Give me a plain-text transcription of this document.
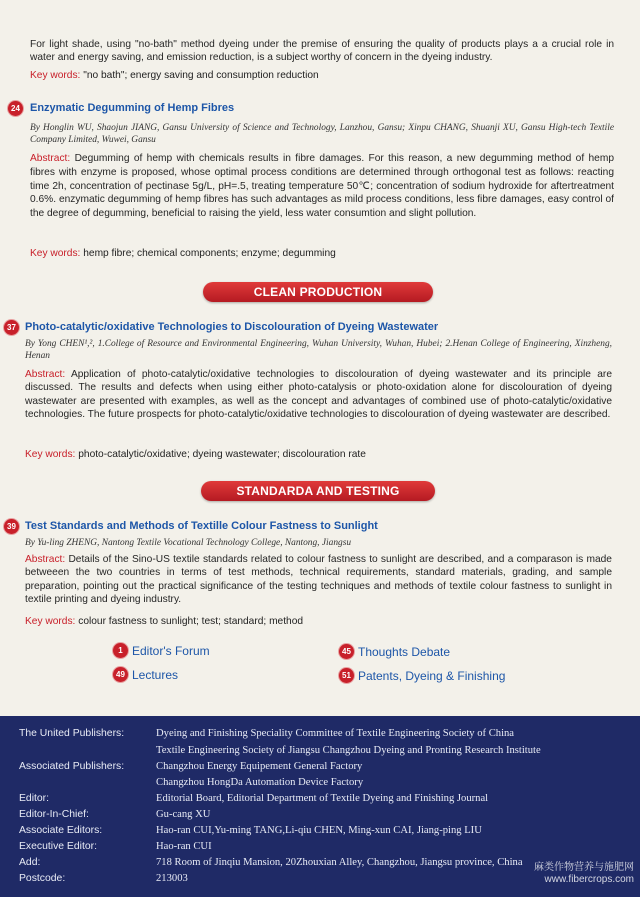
For light shade, using "no-bath" method dyeing under the premise of ensuring the quality of products plays a a crucial role in water and energy saving, and emission reduction, is a subject worthy of concern in the dyeing industry.
Key words: "no bath"; energy saving and consumption reduction
24 Enzymatic Degumming of Hemp Fibres
By Honglin WU, Shaojun JIANG, Gansu University of Science and Technology, Lanzhou, Gansu; Xinpu CHANG, Shuanji XU, Gansu High-tech Textile Company Limited, Wuwei, Gansu
Abstract: Degumming of hemp with chemicals results in fibre damages. For this reason, a new degumming method of hemp fibres with enzyme is proposed, whose optimal process conditions are determined through orthogonal test as follows: reacting time 2h, concentration of pectinase 5g/L, pH=.5, treating temperature 50℃; concentration of sodium hydroxide for aftertreatment 0.6%. enzymatic degumming of hemp fibres has such advantages as mild process conditions, less fibre damages, easy control of the degree of degumming, beneficial to raising the yield, less water consumtion and slight pollution.
Key words: hemp fibre; chemical components; enzyme; degumming
CLEAN PRODUCTION
37 Photo-catalytic/oxidative Technologies to Discolouration of Dyeing Wastewater
By Yong CHEN¹,², 1.College of Resource and Environmental Engineering, Wuhan University, Wuhan, Hubei; 2.Henan College of Engineering, Xinzheng, Henan
Abstract: Application of photo-catalytic/oxidative technologies to discolouration of dyeing wastewater and its principle are discussed. The results and defects when using either photo-catalysis or photo-oxidation alone for discolouration of dyeing wastewater are presented with examples, as well as the concept and advantages of combined use of photo-catalytic/oxidative technologies. The future prospects for photo-catalytic/oxidative technologies to discolouration of dyeing wastewater are described.
Key words: photo-catalytic/oxidative; dyeing wastewater; discolouration rate
STANDARDA AND TESTING
39 Test Standards and Methods of Textille Colour Fastness to Sunlight
By Yu-ling ZHENG, Nantong Textile Vocational Technology College, Nantong, Jiangsu
Abstract: Details of the Sino-US textile standards related to colour fastness to sunlight are described, and a comparason is made betweeen the two countries in terms of test methods, technical requirements, standard materials, grading, and sample preparation, pointing out the practical significance of the testing techniques and methods of textile colour fastness to sunlight in textile printing and dyeing industry.
Key words: colour fastness to sunlight; test; standard; method
1 Editor's Forum	45 Thoughts Debate
49 Lectures	51 Patents, Dyeing & Finishing
The United Publishers:	Dyeing and Finishing Speciality Committee of Textile Engineering Society of China
Textile Engineering Society of Jiangsu Changzhou Dyeing and Pronting Research Institute
Associated Publishers:	Changzhou Energy Equipement General Factory
Changzhou HongDa Automation Device Factory
Editor:	Editorial Board, Editorial Department of Textile Dyeing and Finishing Journal
Editor-In-Chief:	Gu-cang XU
Associate Editors:	Hao-ran CUI,Yu-ming TANG,Li-qiu CHEN, Ming-xun CAI, Jiang-ping LIU
Executive Editor:	Hao-ran CUI
Add:	718 Room of Jinqiu Mansion, 20Zhouxian Alley, Changzhou, Jiangsu province, China
Postcode:	213003
麻类作物营养与施肥网
www.fibercrops.com
